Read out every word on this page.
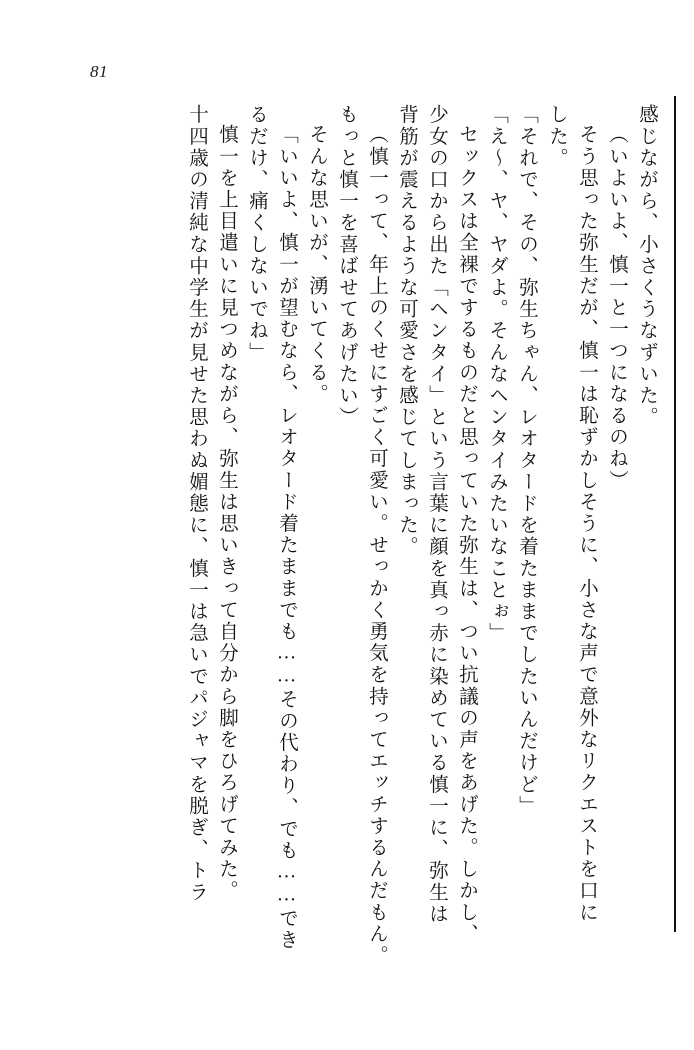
81
感じながら、小さくうなずいた。
（いよいよ、慎一と一つになるのね）
そう思った弥生だが、慎一は恥ずかしそうに、小さな声で意外なリクエストを口に
した。
「それで、その、弥生ちゃん、レオタードを着たままでしたいんだけど」
「え～、ヤ、ヤダよ。そんなヘンタイみたいなことぉ」
セックスは全裸でするものだと思っていた弥生は、つい抗議の声をあげた。しかし、
少女の口から出た「ヘンタイ」という言葉に顔を真っ赤に染めている慎一に、弥生は
背筋が震えるような可愛さを感じてしまった。
（慎一って、年上のくせにすごく可愛い。せっかく勇気を持ってエッチするんだもん。
もっと慎一を喜ばせてあげたい）
そんな思いが、湧いてくる。
「いいよ、慎一が望むなら、レオタード着たままでも……その代わり、でも……でき
るだけ、痛くしないでね」
慎一を上目遣いに見つめながら、弥生は思いきって自分から脚をひろげてみた。
十四歳の清純な中学生が見せた思わぬ媚態に、慎一は急いでパジャマを脱ぎ、トラ
